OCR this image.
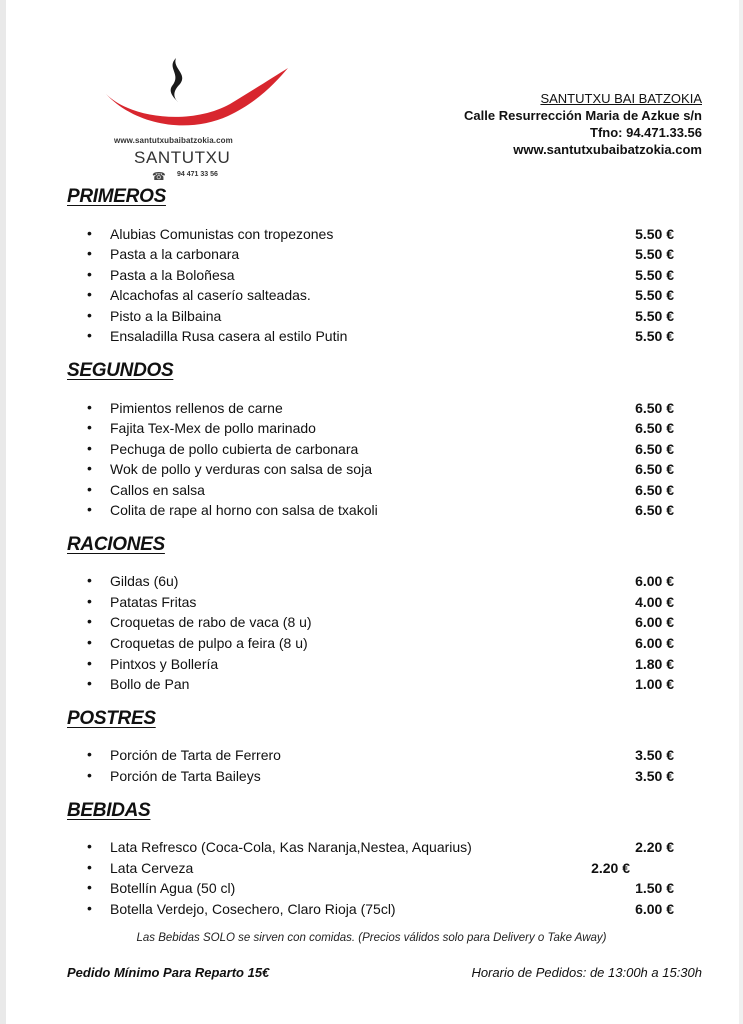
www.santutxubaibatzokia.com
SANTUTXU
☎ 94 471 33 56
SANTUTXU BAI BATZOKIA
Calle Resurrección Maria de Azkue s/n
Tfno: 94.471.33.56
www.santutxubaibatzokia.com
PRIMEROS
• Alubias Comunistas con tropezones	5.50 €
• Pasta a la carbonara	5.50 €
• Pasta a la Boloñesa	5.50 €
• Alcachofas al caserío salteadas.	5.50 €
• Pisto a la Bilbaina	5.50 €
• Ensaladilla Rusa casera al estilo Putin	5.50 €
SEGUNDOS
• Pimientos rellenos de carne	6.50 €
• Fajita Tex-Mex de pollo marinado	6.50 €
• Pechuga de pollo cubierta de carbonara	6.50 €
• Wok de pollo y verduras con salsa de soja	6.50 €
• Callos en salsa	6.50 €
• Colita de rape al horno con salsa de txakoli	6.50 €
RACIONES
• Gildas (6u)	6.00 €
• Patatas Fritas	4.00 €
• Croquetas de rabo de vaca (8 u)	6.00 €
• Croquetas de pulpo a feira (8 u)	6.00 €
• Pintxos y Bollería	1.80 €
• Bollo de Pan	1.00 €
POSTRES
• Porción de Tarta de Ferrero	3.50 €
• Porción de Tarta Baileys	3.50 €
BEBIDAS
• Lata Refresco (Coca-Cola, Kas Naranja,Nestea, Aquarius)	2.20 €
• Lata Cerveza	2.20 €
• Botellín Agua (50 cl)	1.50 €
• Botella Verdejo, Cosechero, Claro Rioja (75cl)	6.00 €
Las Bebidas SOLO se sirven con comidas. (Precios válidos solo para Delivery o Take Away)
Pedido Mínimo Para Reparto 15€	Horario de Pedidos: de 13:00h a 15:30h
